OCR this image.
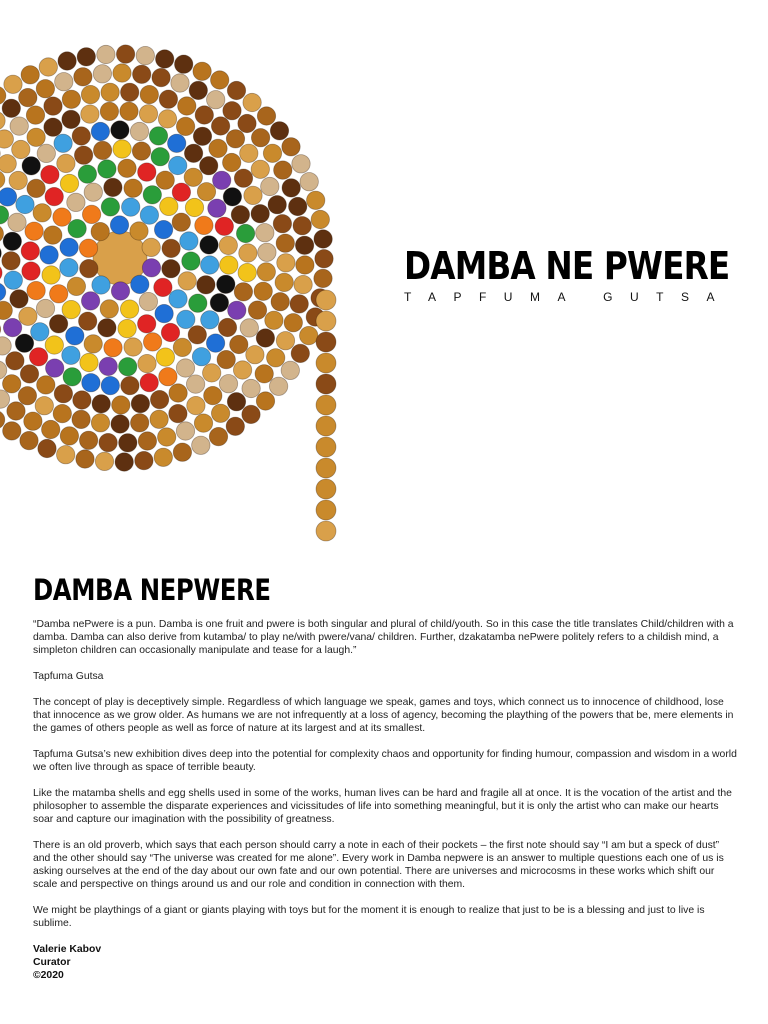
DAMBA NE PWERE
TAPFUMA GUTSA
DAMBA NEPWERE

“Damba nePwere is a pun. Damba is one fruit and pwere is both singular and plural of child/youth. So in this case the title translates Child/children with a damba. Damba can also derive from kutamba/ to play ne/with pwere/vana/ children. Further, dzakatamba nePwere politely refers to a childish mind, a simpleton children can occasionally manipulate and tease for a laugh.”

Tapfuma Gutsa

The concept of play is deceptively simple. Regardless of which language we speak, games and toys, which connect us to innocence of childhood, lose that innocence as we grow older. As humans we are not infrequently at a loss of agency, becoming the plaything of the powers that be, mere elements in the games of others people as well as force of nature at its largest and at its smallest.

Tapfuma Gutsa’s new exhibition dives deep into the potential for complexity chaos and opportunity for finding humour, compassion and wisdom in a world we often live through as space of terrible beauty.

Like the matamba shells and egg shells used in some of the works, human lives can be hard and fragile all at once. It is the vocation of the artist and the philosopher to assemble the disparate experiences and vicissitudes of life into something meaningful, but it is only the artist who can make our hearts soar and capture our imagination with the possibility of greatness.

There is an old proverb, which says that each person should carry a note in each of their pockets – the first note should say “I am but a speck of dust” and the other should say “The universe was created for me alone”. Every work in Damba nepwere is an answer to multiple questions each one of us is asking ourselves at the end of the day about our own fate and our own potential. There are universes and microcosms in these works which shift our scale and perspective on things around us and our role and condition in connection with them.

We might be playthings of a giant or giants playing with toys but for the moment it is enough to realize that just to be is a blessing and just to live is sublime.

Valerie Kabov
Curator
©2020
